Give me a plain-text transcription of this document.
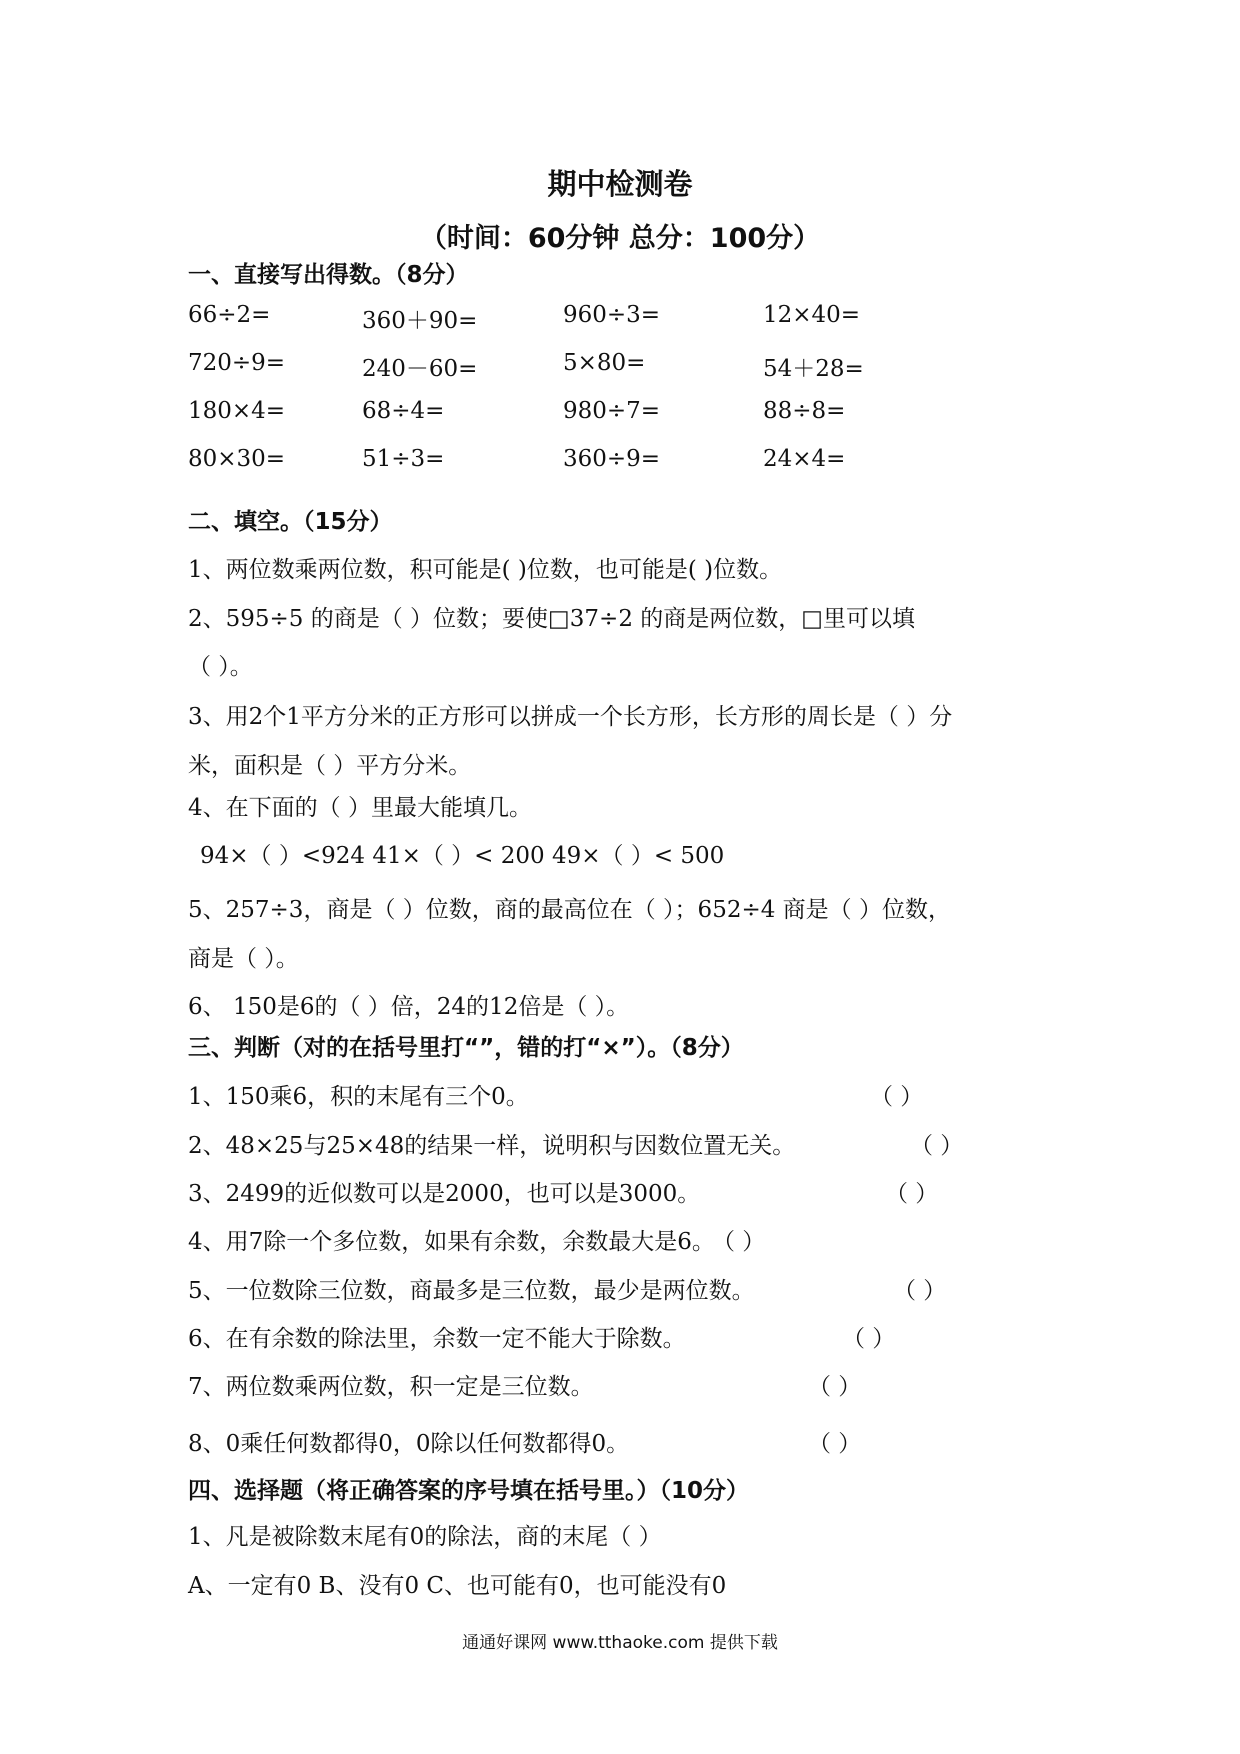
期中检测卷
（时间：60分钟 总分：100分）
一、直接写出得数。（8分）
66÷2=	360＋90=	960÷3=	12×40=
720÷9=	240－60=	5×80=	54＋28=
180×4=	68÷4=	980÷7=	88÷8=
80×30=	51÷3=	360÷9=	24×4=
二、填空。（15分）
1、两位数乘两位数，积可能是( )位数，也可能是( )位数。
2、595÷5 的商是（ ）位数；要使□37÷2 的商是两位数，□里可以填
（ ）。
3、用2个1平方分米的正方形可以拼成一个长方形，长方形的周长是（ ）分
米，面积是（ ）平方分米。
4、在下面的（ ）里最大能填几。
94×（ ）<924 41×（ ）< 200 49×（ ）< 500
5、257÷3，商是（ ）位数，商的最高位在（ ）；652÷4 商是（ ）位数，
商是（ ）。
6、 150是6的（ ）倍，24的12倍是（ ）。
三、判断（对的在括号里打“”，错的打“×”）。（8分）
1、150乘6，积的末尾有三个0。	（ ）
2、48×25与25×48的结果一样，说明积与因数位置无关。	（ ）
3、2499的近似数可以是2000，也可以是3000。	（ ）
4、用7除一个多位数，如果有余数，余数最大是6。
（ ）
5、一位数除三位数，商最多是三位数，最少是两位数。	（ ）
6、在有余数的除法里，余数一定不能大于除数。	（ ）
7、两位数乘两位数，积一定是三位数。	（ ）
8、0乘任何数都得0，0除以任何数都得0。	（ ）
四、选择题（将正确答案的序号填在括号里。）（10分）
1、凡是被除数末尾有0的除法，商的末尾（ ）
A、一定有0 B、没有0 C、也可能有0，也可能没有0
通通好课网 www.tthaoke.com 提供下载
